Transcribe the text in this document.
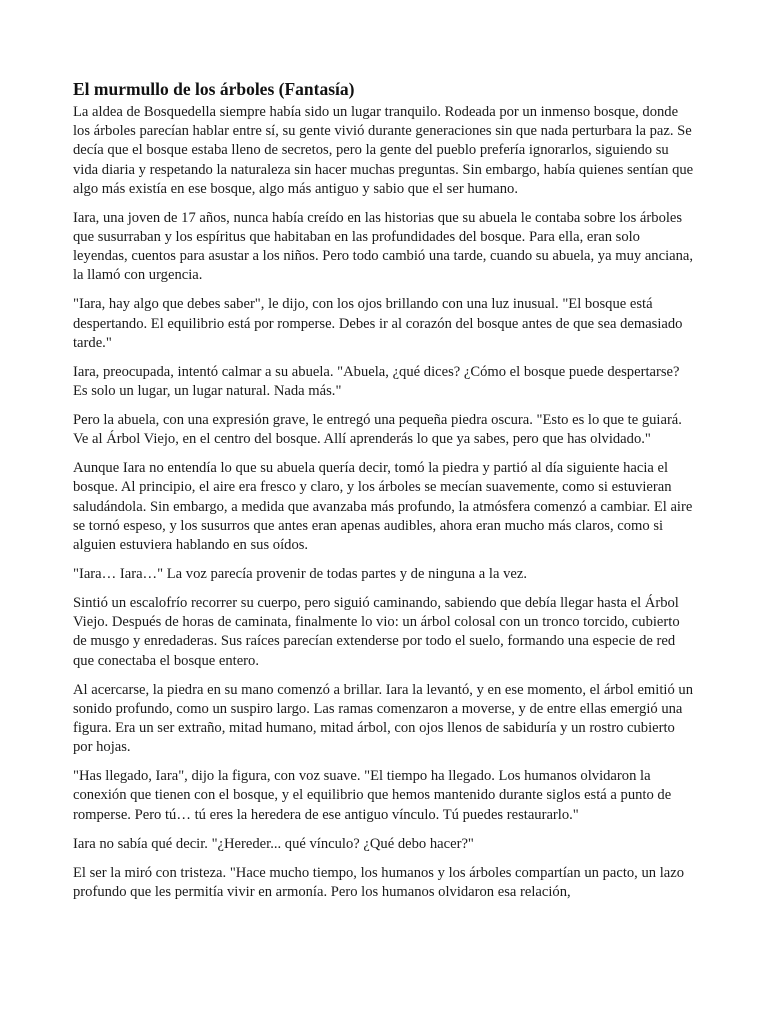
El murmullo de los árboles (Fantasía)

La aldea de Bosquedella siempre había sido un lugar tranquilo. Rodeada por un inmenso bosque, donde los árboles parecían hablar entre sí, su gente vivió durante generaciones sin que nada perturbara la paz. Se decía que el bosque estaba lleno de secretos, pero la gente del pueblo prefería ignorarlos, siguiendo su vida diaria y respetando la naturaleza sin hacer muchas preguntas. Sin embargo, había quienes sentían que algo más existía en ese bosque, algo más antiguo y sabio que el ser humano.

Iara, una joven de 17 años, nunca había creído en las historias que su abuela le contaba sobre los árboles que susurraban y los espíritus que habitaban en las profundidades del bosque. Para ella, eran solo leyendas, cuentos para asustar a los niños. Pero todo cambió una tarde, cuando su abuela, ya muy anciana, la llamó con urgencia.

"Iara, hay algo que debes saber", le dijo, con los ojos brillando con una luz inusual. "El bosque está despertando. El equilibrio está por romperse. Debes ir al corazón del bosque antes de que sea demasiado tarde."

Iara, preocupada, intentó calmar a su abuela. "Abuela, ¿qué dices? ¿Cómo el bosque puede despertarse? Es solo un lugar, un lugar natural. Nada más."

Pero la abuela, con una expresión grave, le entregó una pequeña piedra oscura. "Esto es lo que te guiará. Ve al Árbol Viejo, en el centro del bosque. Allí aprenderás lo que ya sabes, pero que has olvidado."

Aunque Iara no entendía lo que su abuela quería decir, tomó la piedra y partió al día siguiente hacia el bosque. Al principio, el aire era fresco y claro, y los árboles se mecían suavemente, como si estuvieran saludándola. Sin embargo, a medida que avanzaba más profundo, la atmósfera comenzó a cambiar. El aire se tornó espeso, y los susurros que antes eran apenas audibles, ahora eran mucho más claros, como si alguien estuviera hablando en sus oídos.

"Iara… Iara…" La voz parecía provenir de todas partes y de ninguna a la vez.

Sintió un escalofrío recorrer su cuerpo, pero siguió caminando, sabiendo que debía llegar hasta el Árbol Viejo. Después de horas de caminata, finalmente lo vio: un árbol colosal con un tronco torcido, cubierto de musgo y enredaderas. Sus raíces parecían extenderse por todo el suelo, formando una especie de red que conectaba el bosque entero.

Al acercarse, la piedra en su mano comenzó a brillar. Iara la levantó, y en ese momento, el árbol emitió un sonido profundo, como un suspiro largo. Las ramas comenzaron a moverse, y de entre ellas emergió una figura. Era un ser extraño, mitad humano, mitad árbol, con ojos llenos de sabiduría y un rostro cubierto por hojas.

"Has llegado, Iara", dijo la figura, con voz suave. "El tiempo ha llegado. Los humanos olvidaron la conexión que tienen con el bosque, y el equilibrio que hemos mantenido durante siglos está a punto de romperse. Pero tú… tú eres la heredera de ese antiguo vínculo. Tú puedes restaurarlo."

Iara no sabía qué decir. "¿Hereder... qué vínculo? ¿Qué debo hacer?"

El ser la miró con tristeza. "Hace mucho tiempo, los humanos y los árboles compartían un pacto, un lazo profundo que les permitía vivir en armonía. Pero los humanos olvidaron esa relación,
